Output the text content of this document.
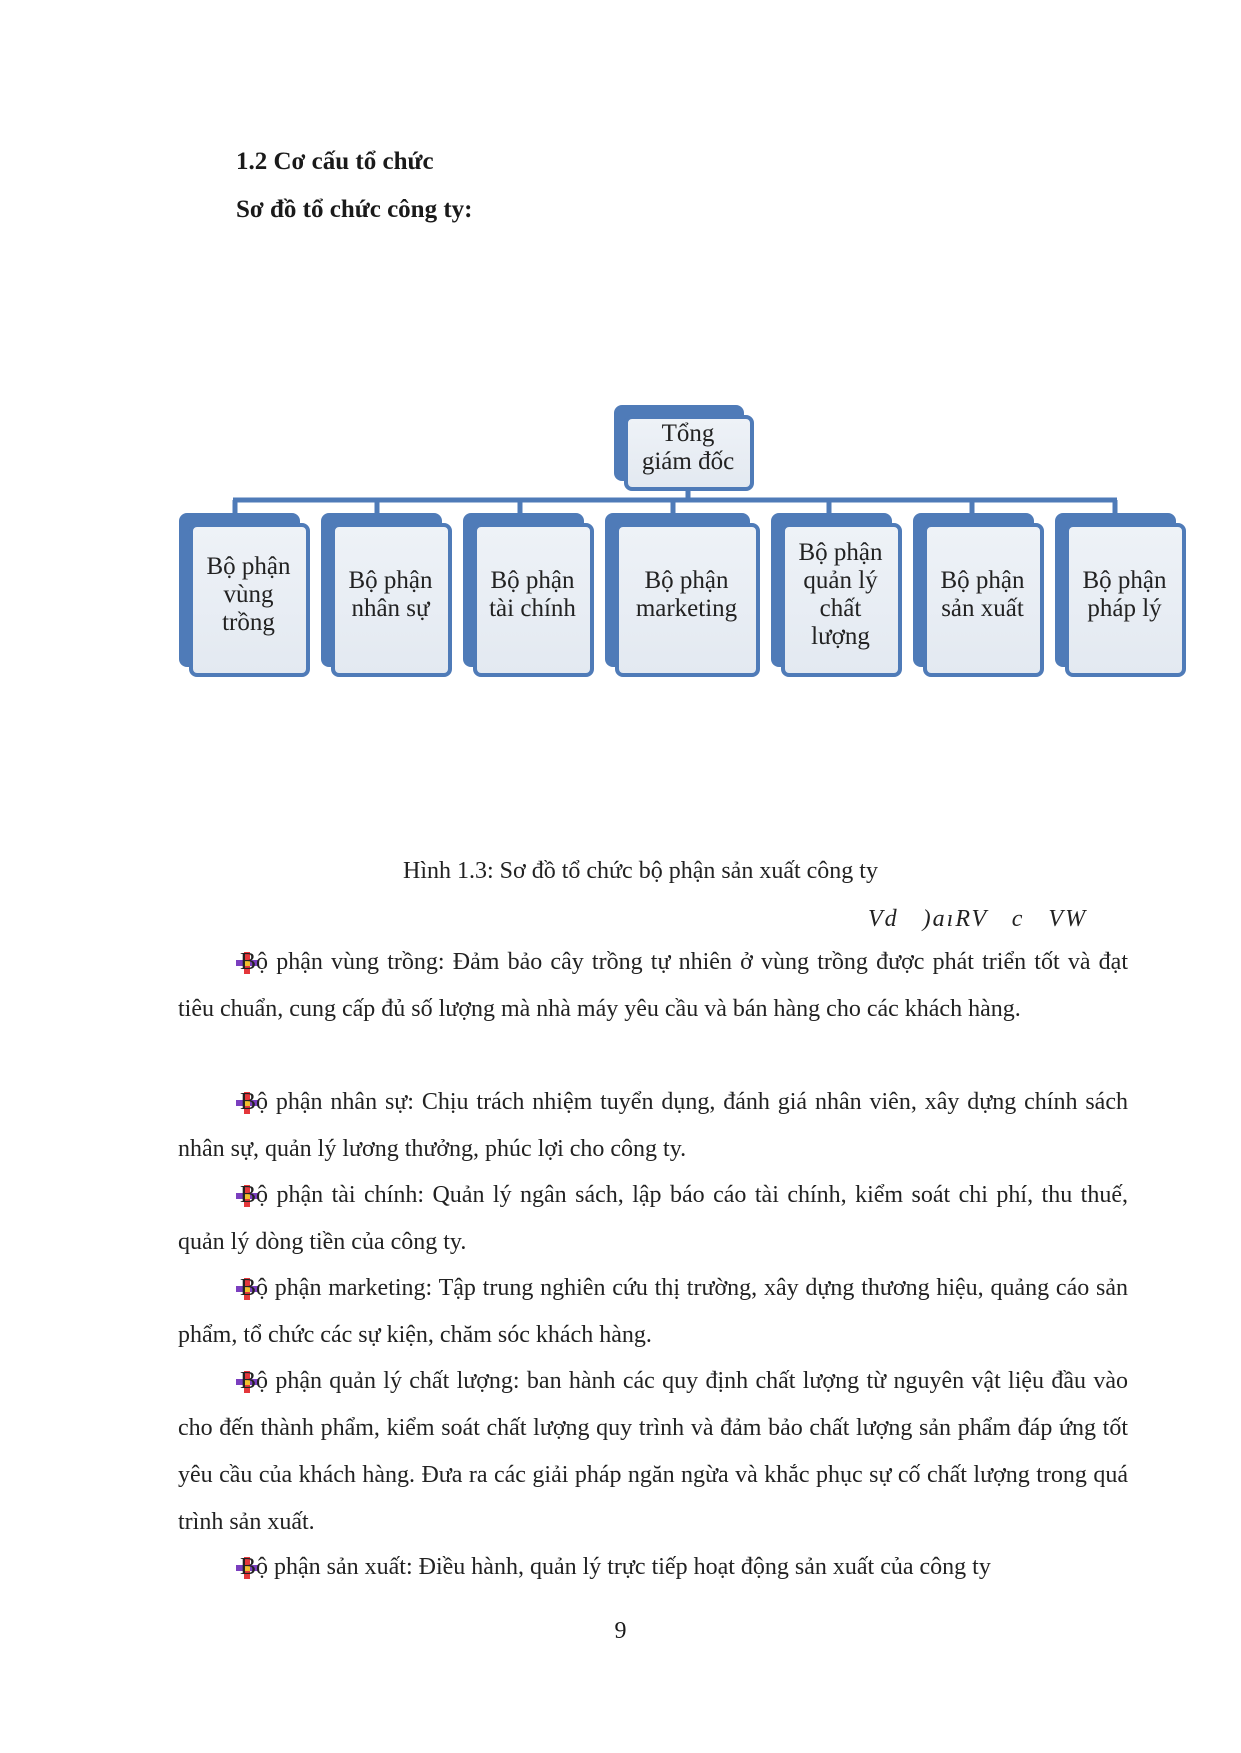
1.2 Cơ cấu tổ chức
Sơ đồ tổ chức công ty:
Tổng giám đốc
Bộ phận vùng trồng
Bộ phận nhân sự
Bộ phận tài chính
Bộ phận marketing
Bộ phận quản lý chất lượng
Bộ phận sản xuất
Bộ phận pháp lý
Hình 1.3: Sơ đồ tổ chức bộ phận sản xuất công ty
Vd   )aıRV   c   VW
Bộ phận vùng trồng: Đảm bảo cây trồng tự nhiên ở vùng trồng được phát triển tốt và đạt tiêu chuẩn, cung cấp đủ số lượng mà nhà máy yêu cầu và bán hàng cho các khách hàng.
Bộ phận nhân sự: Chịu trách nhiệm tuyển dụng, đánh giá nhân viên, xây dựng chính sách nhân sự, quản lý lương thưởng, phúc lợi cho công ty.
Bộ phận tài chính: Quản lý ngân sách, lập báo cáo tài chính, kiểm soát chi phí, thu thuế, quản lý dòng tiền của công ty.
Bộ phận marketing: Tập trung nghiên cứu thị trường, xây dựng thương hiệu, quảng cáo sản phẩm, tổ chức các sự kiện, chăm sóc khách hàng.
Bộ phận quản lý chất lượng: ban hành các quy định chất lượng từ nguyên vật liệu đầu vào cho đến thành phẩm, kiểm soát chất lượng quy trình và đảm bảo chất lượng sản phẩm đáp ứng tốt yêu cầu của khách hàng. Đưa ra các giải pháp ngăn ngừa và khắc phục sự cố chất lượng trong quá trình sản xuất.
Bộ phận sản xuất: Điều hành, quản lý trực tiếp hoạt động sản xuất của công ty
9
